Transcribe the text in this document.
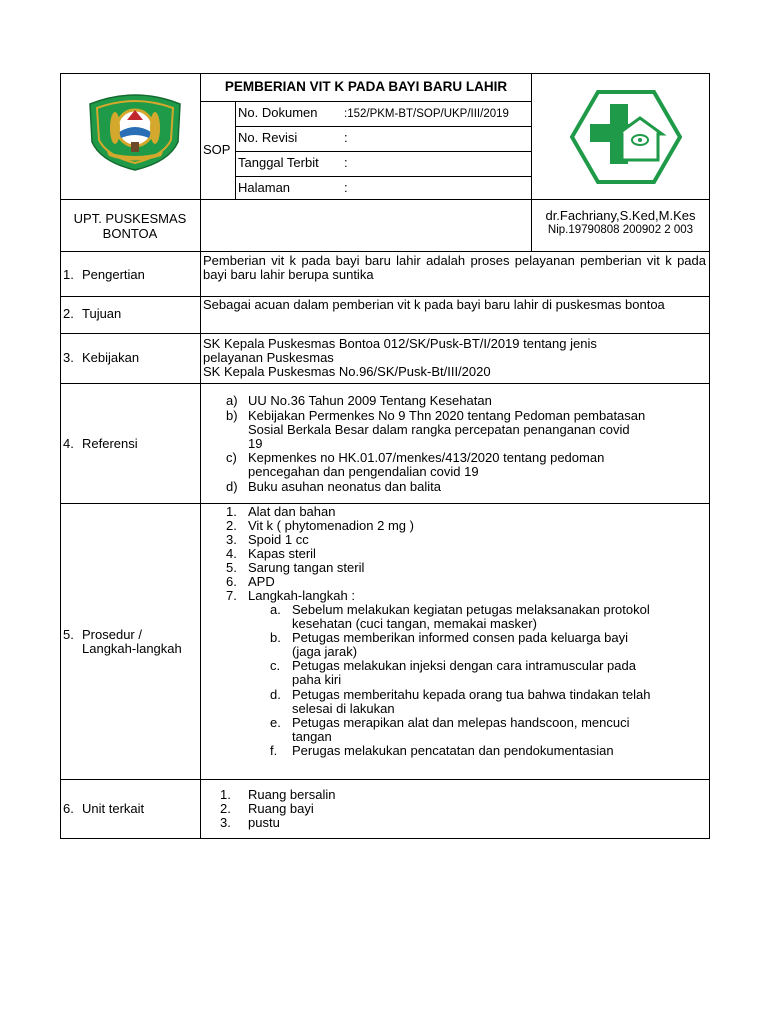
PEMBERIAN VIT K PADA BAYI BARU LAHIR
SOP
No. Dokumen :152/PKM-BT/SOP/UKP/III/2019
No. Revisi	:
Tanggal Terbit :
Halaman	:
UPT. PUSKESMAS
BONTOA
dr.Fachriany,S.Ked,M.Kes
Nip.19790808 200902 2 003
1. Pengertian
Pemberian vit k pada bayi baru lahir adalah proses pelayanan pemberian vit k pada bayi baru lahir berupa suntika
2. Tujuan
Sebagai acuan dalam pemberian vit k pada bayi baru lahir di puskesmas bontoa
3. Kebijakan
SK Kepala Puskesmas Bontoa 012/SK/Pusk-BT/I/2019 tentang jenis
pelayanan Puskesmas
SK Kepala Puskesmas No.96/SK/Pusk-Bt/III/2020
4. Referensi
a) UU No.36 Tahun 2009 Tentang Kesehatan
b) Kebijakan Permenkes No 9 Thn 2020 tentang Pedoman pembatasan
Sosial Berkala Besar dalam rangka percepatan penanganan covid
19
c) Kepmenkes no HK.01.07/menkes/413/2020 tentang pedoman
pencegahan dan pengendalian covid 19
d) Buku asuhan neonatus dan balita
5. Prosedur /
Langkah-langkah
1. Alat dan bahan
2. Vit k ( phytomenadion 2 mg )
3. Spoid 1 cc
4. Kapas steril
5. Sarung tangan steril
6. APD
7. Langkah-langkah :
a. Sebelum melakukan kegiatan petugas melaksanakan protokol
kesehatan (cuci tangan, memakai masker)
b. Petugas memberikan informed consen pada keluarga bayi
(jaga jarak)
c. Petugas melakukan injeksi dengan cara intramuscular pada
paha kiri
d. Petugas memberitahu kepada orang tua bahwa tindakan telah
selesai di lakukan
e. Petugas merapikan alat dan melepas handscoon, mencuci
tangan
f. Perugas melakukan pencatatan dan pendokumentasian
6. Unit terkait
1. Ruang bersalin
2. Ruang bayi
3. pustu
